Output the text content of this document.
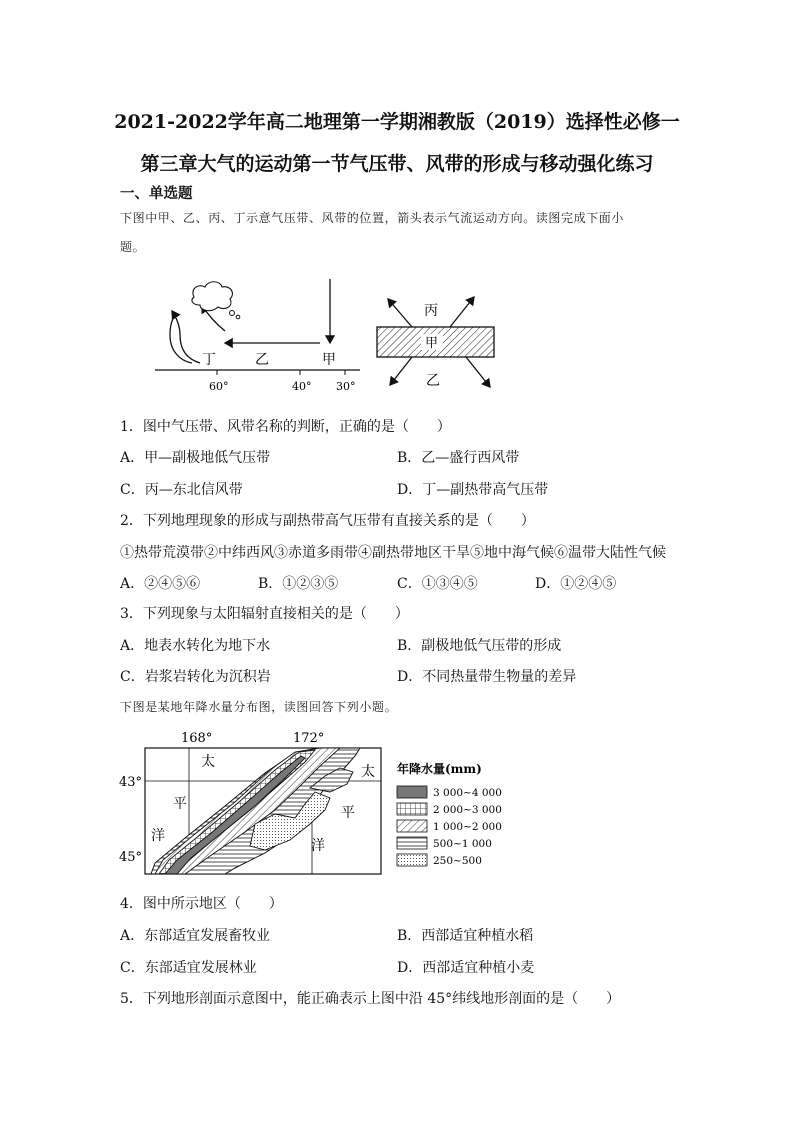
2021-2022学年高二地理第一学期湘教版（2019）选择性必修一
第三章大气的运动第一节气压带、风带的形成与移动强化练习
一、单选题
下图中甲、乙、丙、丁示意气压带、风带的位置，箭头表示气流运动方向。读图完成下面小
题。
丁	乙	甲
60°	40° 30°
甲
丙
乙
1．图中气压带、风带名称的判断，正确的是（　　）
A．甲—副极地低气压带	B．乙—盛行西风带
C．丙—东北信风带	D．丁—副热带高气压带
2．下列地理现象的形成与副热带高气压带有直接关系的是（　　）
①热带荒漠带②中纬西风③赤道多雨带④副热带地区干旱⑤地中海气候⑥温带大陆性气候
A．②④⑤⑥	B．①②③⑤	C．①③④⑤	D．①②④⑤
3．下列现象与太阳辐射直接相关的是（　　）
A．地表水转化为地下水	B．副极地低气压带的形成
C．岩浆岩转化为沉积岩	D．不同热量带生物量的差异
下图是某地年降水量分布图，读图回答下列小题。
168°	172°
43°
45°
太
太
平
平
洋
洋
年降水量(mm)
3 000~4 000
2 000~3 000
1 000~2 000
500~1 000
250~500
4．图中所示地区（　　）
A．东部适宜发展畜牧业	B．西部适宜种植水稻
C．东部适宜发展林业	D．西部适宜种植小麦
5．下列地形剖面示意图中，能正确表示上图中沿 45°纬线地形剖面的是（　　）
